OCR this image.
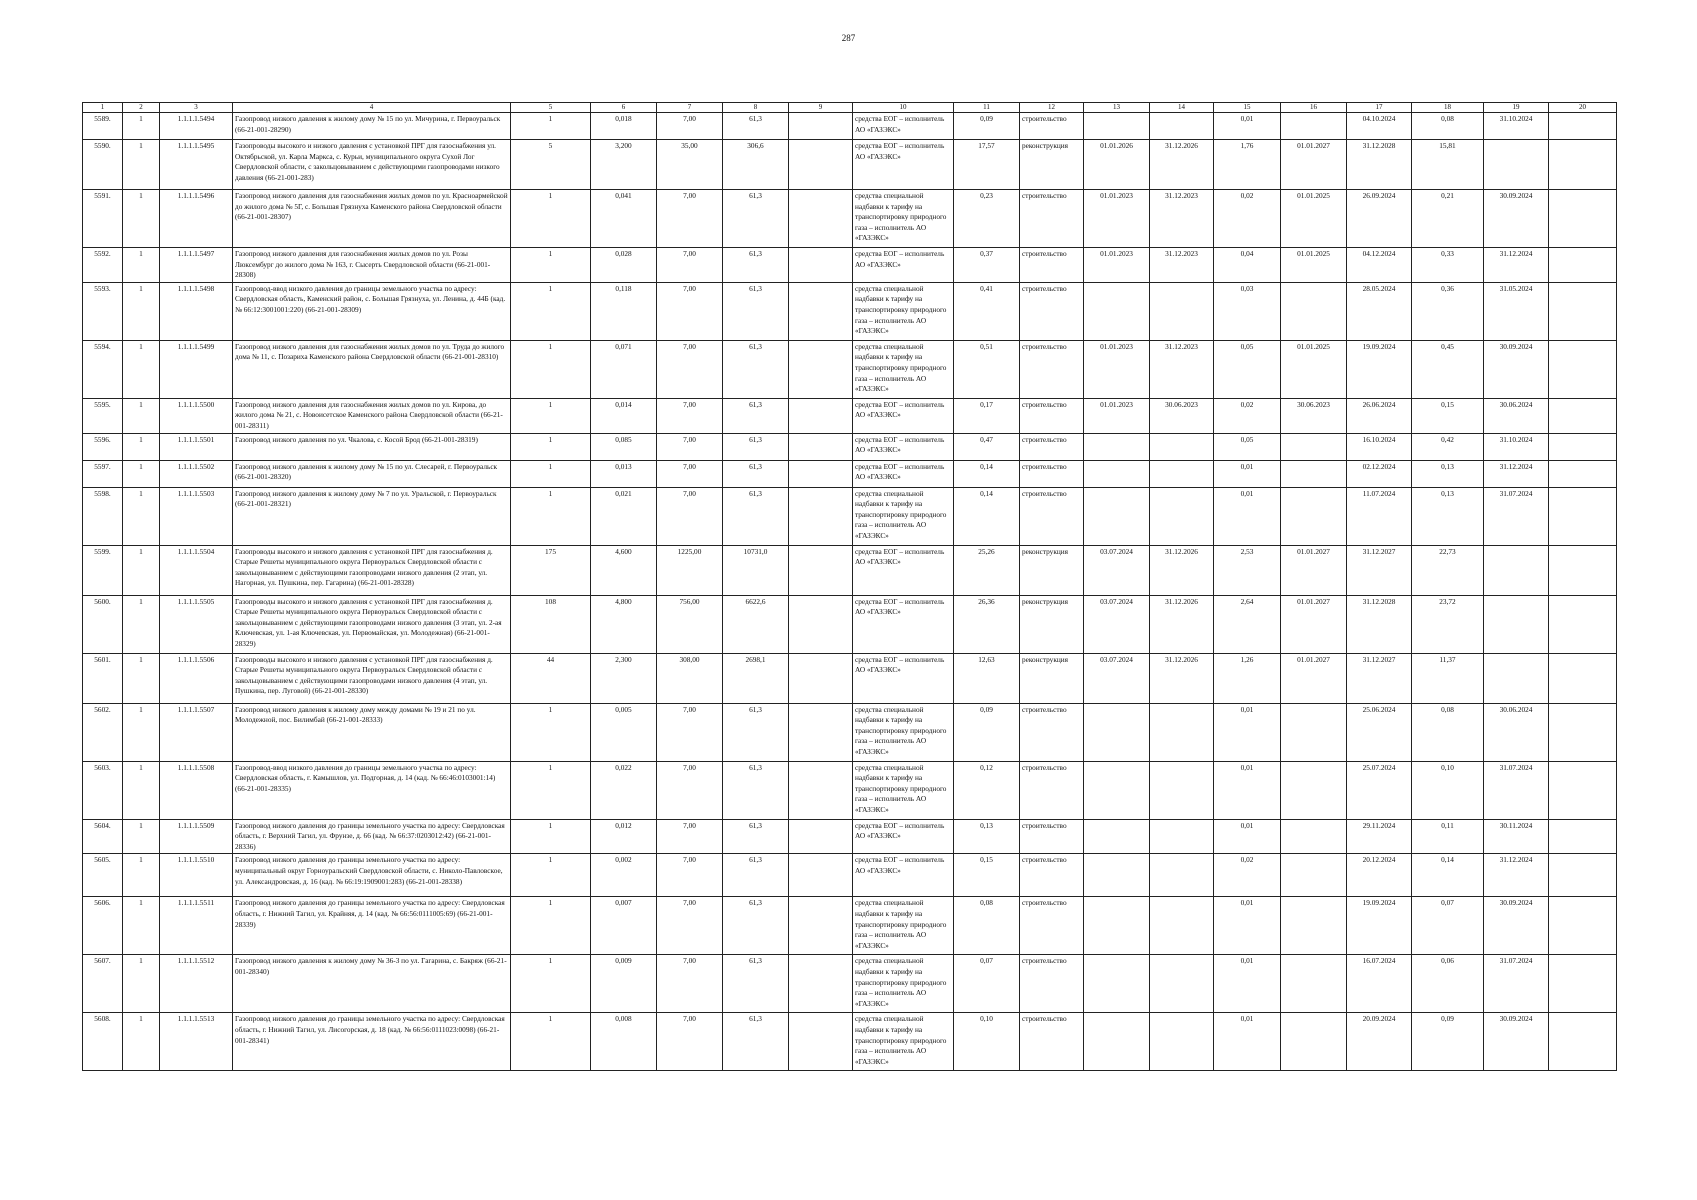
287
1	2	3	4	5	6	7	8	9	10	11	12	13	14	15	16	17	18	19	20
5589.	1	1.1.1.1.5494	Газопровод низкого давления к жилому дому № 15 по ул. Мичурина, г. Первоуральск (66-21-001-28290)	1	0,018	7,00	61,3		средства ЕОГ – исполнитель АО «ГАЗЭКС»	0,09	строительство			0,01		04.10.2024	0,08	31.10.2024	
5590.	1	1.1.1.1.5495	Газопроводы высокого и низкого давления с установкой ПРГ для газоснабжения ул. Октябрьской, ул. Карла Маркса, с. Курьи, муниципального округа Сухой Лог Свердловской области, с закольцовыванием с действующими газопроводами низкого давления (66-21-001-283)	5	3,200	35,00	306,6		средства ЕОГ – исполнитель АО «ГАЗЭКС»	17,57	реконструкция	01.01.2026	31.12.2026	1,76	01.01.2027	31.12.2028	15,81		
5591.	1	1.1.1.1.5496	Газопровод низкого давления для газоснабжения жилых домов по ул. Красноармейской до жилого дома № 5Г, с. Большая Грязнуха Каменского района Свердловской области (66-21-001-28307)	1	0,041	7,00	61,3		средства специальной надбавки к тарифу на транспортировку природного газа – исполнитель АО «ГАЗЭКС»	0,23	строительство	01.01.2023	31.12.2023	0,02	01.01.2025	26.09.2024	0,21	30.09.2024	
5592.	1	1.1.1.1.5497	Газопровод низкого давления для газоснабжения жилых домов по ул. Розы Люксембург до жилого дома № 163, г. Сысерть Свердловской области (66-21-001-28308)	1	0,028	7,00	61,3		средства ЕОГ – исполнитель АО «ГАЗЭКС»	0,37	строительство	01.01.2023	31.12.2023	0,04	01.01.2025	04.12.2024	0,33	31.12.2024	
5593.	1	1.1.1.1.5498	Газопровод-ввод низкого давления до границы земельного участка по адресу: Свердловская область, Каменский район, с. Большая Грязнуха, ул. Ленина, д. 44Б (кад. № 66:12:3001001:220) (66-21-001-28309)	1	0,118	7,00	61,3		средства специальной надбавки к тарифу на транспортировку природного газа – исполнитель АО «ГАЗЭКС»	0,41	строительство			0,03		28.05.2024	0,36	31.05.2024	
5594.	1	1.1.1.1.5499	Газопровод низкого давления для газоснабжения жилых домов по ул. Труда до жилого дома № 11, с. Позариха Каменского района Свердловской области (66-21-001-28310)	1	0,071	7,00	61,3		средства специальной надбавки к тарифу на транспортировку природного газа – исполнитель АО «ГАЗЭКС»	0,51	строительство	01.01.2023	31.12.2023	0,05	01.01.2025	19.09.2024	0,45	30.09.2024	
5595.	1	1.1.1.1.5500	Газопровод низкого давления для газоснабжения жилых домов по ул. Кирова, до жилого дома № 21, с. Новоисетское Каменского района Свердловской области (66-21-001-28311)	1	0,014	7,00	61,3		средства ЕОГ – исполнитель АО «ГАЗЭКС»	0,17	строительство	01.01.2023	30.06.2023	0,02	30.06.2023	26.06.2024	0,15	30.06.2024	
5596.	1	1.1.1.1.5501	Газопровод низкого давления по ул. Чкалова, с. Косой Брод (66-21-001-28319)	1	0,085	7,00	61,3		средства ЕОГ – исполнитель АО «ГАЗЭКС»	0,47	строительство			0,05		16.10.2024	0,42	31.10.2024	
5597.	1	1.1.1.1.5502	Газопровод низкого давления к жилому дому № 15 по ул. Слесарей, г. Первоуральск (66-21-001-28320)	1	0,013	7,00	61,3		средства ЕОГ – исполнитель АО «ГАЗЭКС»	0,14	строительство			0,01		02.12.2024	0,13	31.12.2024	
5598.	1	1.1.1.1.5503	Газопровод низкого давления к жилому дому № 7 по ул. Уральской, г. Первоуральск (66-21-001-28321)	1	0,021	7,00	61,3		средства специальной надбавки к тарифу на транспортировку природного газа – исполнитель АО «ГАЗЭКС»	0,14	строительство			0,01		11.07.2024	0,13	31.07.2024	
5599.	1	1.1.1.1.5504	Газопроводы высокого и низкого давления с установкой ПРГ для газоснабжения д. Старые Решеты муниципального округа Первоуральск Свердловской области с закольцовыванием с действующими газопроводами низкого давления (2 этап, ул. Нагорная, ул. Пушкина, пер. Гагарина) (66-21-001-28328)	175	4,600	1225,00	10731,0		средства ЕОГ – исполнитель АО «ГАЗЭКС»	25,26	реконструкция	03.07.2024	31.12.2026	2,53	01.01.2027	31.12.2027	22,73		
5600.	1	1.1.1.1.5505	Газопроводы высокого и низкого давления с установкой ПРГ для газоснабжения д. Старые Решеты муниципального округа Первоуральск Свердловской области с закольцовыванием с действующими газопроводами низкого давления (3 этап, ул. 2-ая Ключевская, ул. 1-ая Ключевская, ул. Первомайская, ул. Молодежная) (66-21-001-28329)	108	4,800	756,00	6622,6		средства ЕОГ – исполнитель АО «ГАЗЭКС»	26,36	реконструкция	03.07.2024	31.12.2026	2,64	01.01.2027	31.12.2028	23,72		
5601.	1	1.1.1.1.5506	Газопроводы высокого и низкого давления с установкой ПРГ для газоснабжения д. Старые Решеты муниципального округа Первоуральск Свердловской области с закольцовыванием с действующими газопроводами низкого давления (4 этап, ул. Пушкина, пер. Луговой) (66-21-001-28330)	44	2,300	308,00	2698,1		средства ЕОГ – исполнитель АО «ГАЗЭКС»	12,63	реконструкция	03.07.2024	31.12.2026	1,26	01.01.2027	31.12.2027	11,37		
5602.	1	1.1.1.1.5507	Газопровод низкого давления к жилому дому между домами № 19 и 21 по ул. Молодежной, пос. Билимбай (66-21-001-28333)	1	0,005	7,00	61,3		средства специальной надбавки к тарифу на транспортировку природного газа – исполнитель АО «ГАЗЭКС»	0,09	строительство			0,01		25.06.2024	0,08	30.06.2024	
5603.	1	1.1.1.1.5508	Газопровод-ввод низкого давления до границы земельного участка по адресу: Свердловская область, г. Камышлов, ул. Подгорная, д. 14 (кад. № 66:46:0103001:14) (66-21-001-28335)	1	0,022	7,00	61,3		средства специальной надбавки к тарифу на транспортировку природного газа – исполнитель АО «ГАЗЭКС»	0,12	строительство			0,01		25.07.2024	0,10	31.07.2024	
5604.	1	1.1.1.1.5509	Газопровод низкого давления до границы земельного участка по адресу: Свердловская область, г. Верхний Тагил, ул. Фрунзе, д. 66 (кад. № 66:37:0203012:42) (66-21-001-28336)	1	0,012	7,00	61,3		средства ЕОГ – исполнитель АО «ГАЗЭКС»	0,13	строительство			0,01		29.11.2024	0,11	30.11.2024	
5605.	1	1.1.1.1.5510	Газопровод низкого давления до границы земельного участка по адресу: муниципальный округ Горноуральский Свердловской области, с. Николо-Павловское, ул. Александровская, д. 16 (кад. № 66:19:1909001:283) (66-21-001-28338)	1	0,002	7,00	61,3		средства ЕОГ – исполнитель АО «ГАЗЭКС»	0,15	строительство			0,02		20.12.2024	0,14	31.12.2024	
5606.	1	1.1.1.1.5511	Газопровод низкого давления до границы земельного участка по адресу: Свердловская область, г. Нижний Тагил, ул. Крайняя, д. 14 (кад. № 66:56:0111005:69) (66-21-001-28339)	1	0,007	7,00	61,3		средства специальной надбавки к тарифу на транспортировку природного газа – исполнитель АО «ГАЗЭКС»	0,08	строительство			0,01		19.09.2024	0,07	30.09.2024	
5607.	1	1.1.1.1.5512	Газопровод низкого давления к жилому дому № 36-3 по ул. Гагарина, с. Бакряж (66-21-001-28340)	1	0,009	7,00	61,3		средства специальной надбавки к тарифу на транспортировку природного газа – исполнитель АО «ГАЗЭКС»	0,07	строительство			0,01		16.07.2024	0,06	31.07.2024	
5608.	1	1.1.1.1.5513	Газопровод низкого давления до границы земельного участка по адресу: Свердловская область, г. Нижний Тагил, ул. Лисогорская, д. 18 (кад. № 66:56:0111023:0098) (66-21-001-28341)	1	0,008	7,00	61,3		средства специальной надбавки к тарифу на транспортировку природного газа – исполнитель АО «ГАЗЭКС»	0,10	строительство			0,01		20.09.2024	0,09	30.09.2024	
